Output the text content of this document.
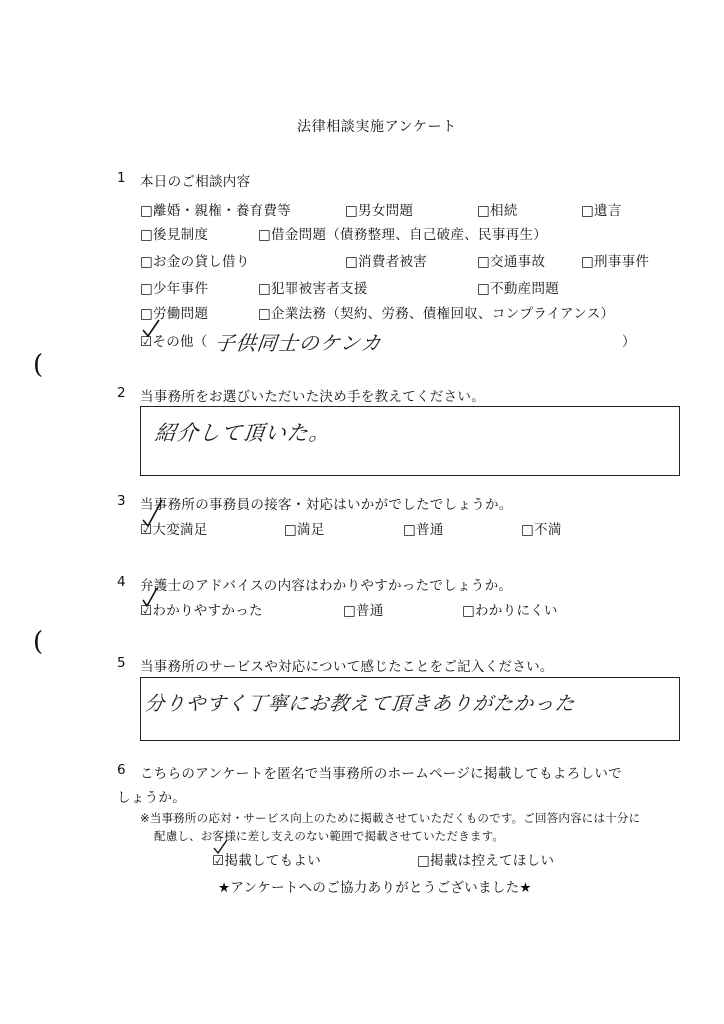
法律相談実施アンケート
1 本日のご相談内容
□離婚・親権・養育費等	□男女問題	□相続	□遺言
□後見制度	□借金問題（債務整理、自己破産、民事再生）
□お金の貸し借り	□消費者被害	□交通事故	□刑事事件
□少年事件	□犯罪被害者支援	□不動産問題
□労働問題	□企業法務（契約、労務、債権回収、コンプライアンス）
☑その他（ 子供同士のケンカ	）
(
2 当事務所をお選びいただいた決め手を教えてください。
紹介して頂いた。
3 当事務所の事務員の接客・対応はいかがでしたでしょうか。
☑大変満足	□満足	□普通	□不満
4 弁護士のアドバイスの内容はわかりやすかったでしょうか。
☑わかりやすかった	□普通	□わかりにくい
(
5 当事務所のサービスや対応について感じたことをご記入ください。
分りやすく丁寧にお教えて頂きありがたかった
6 こちらのアンケートを匿名で当事務所のホームページに掲載してもよろしいで
しょうか。
※当事務所の応対・サービス向上のために掲載させていただくものです。ご回答内容には十分に
配慮し、お客様に差し支えのない範囲で掲載させていただきます。
☑掲載してもよい	□掲載は控えてほしい
★アンケートへのご協力ありがとうございました★
